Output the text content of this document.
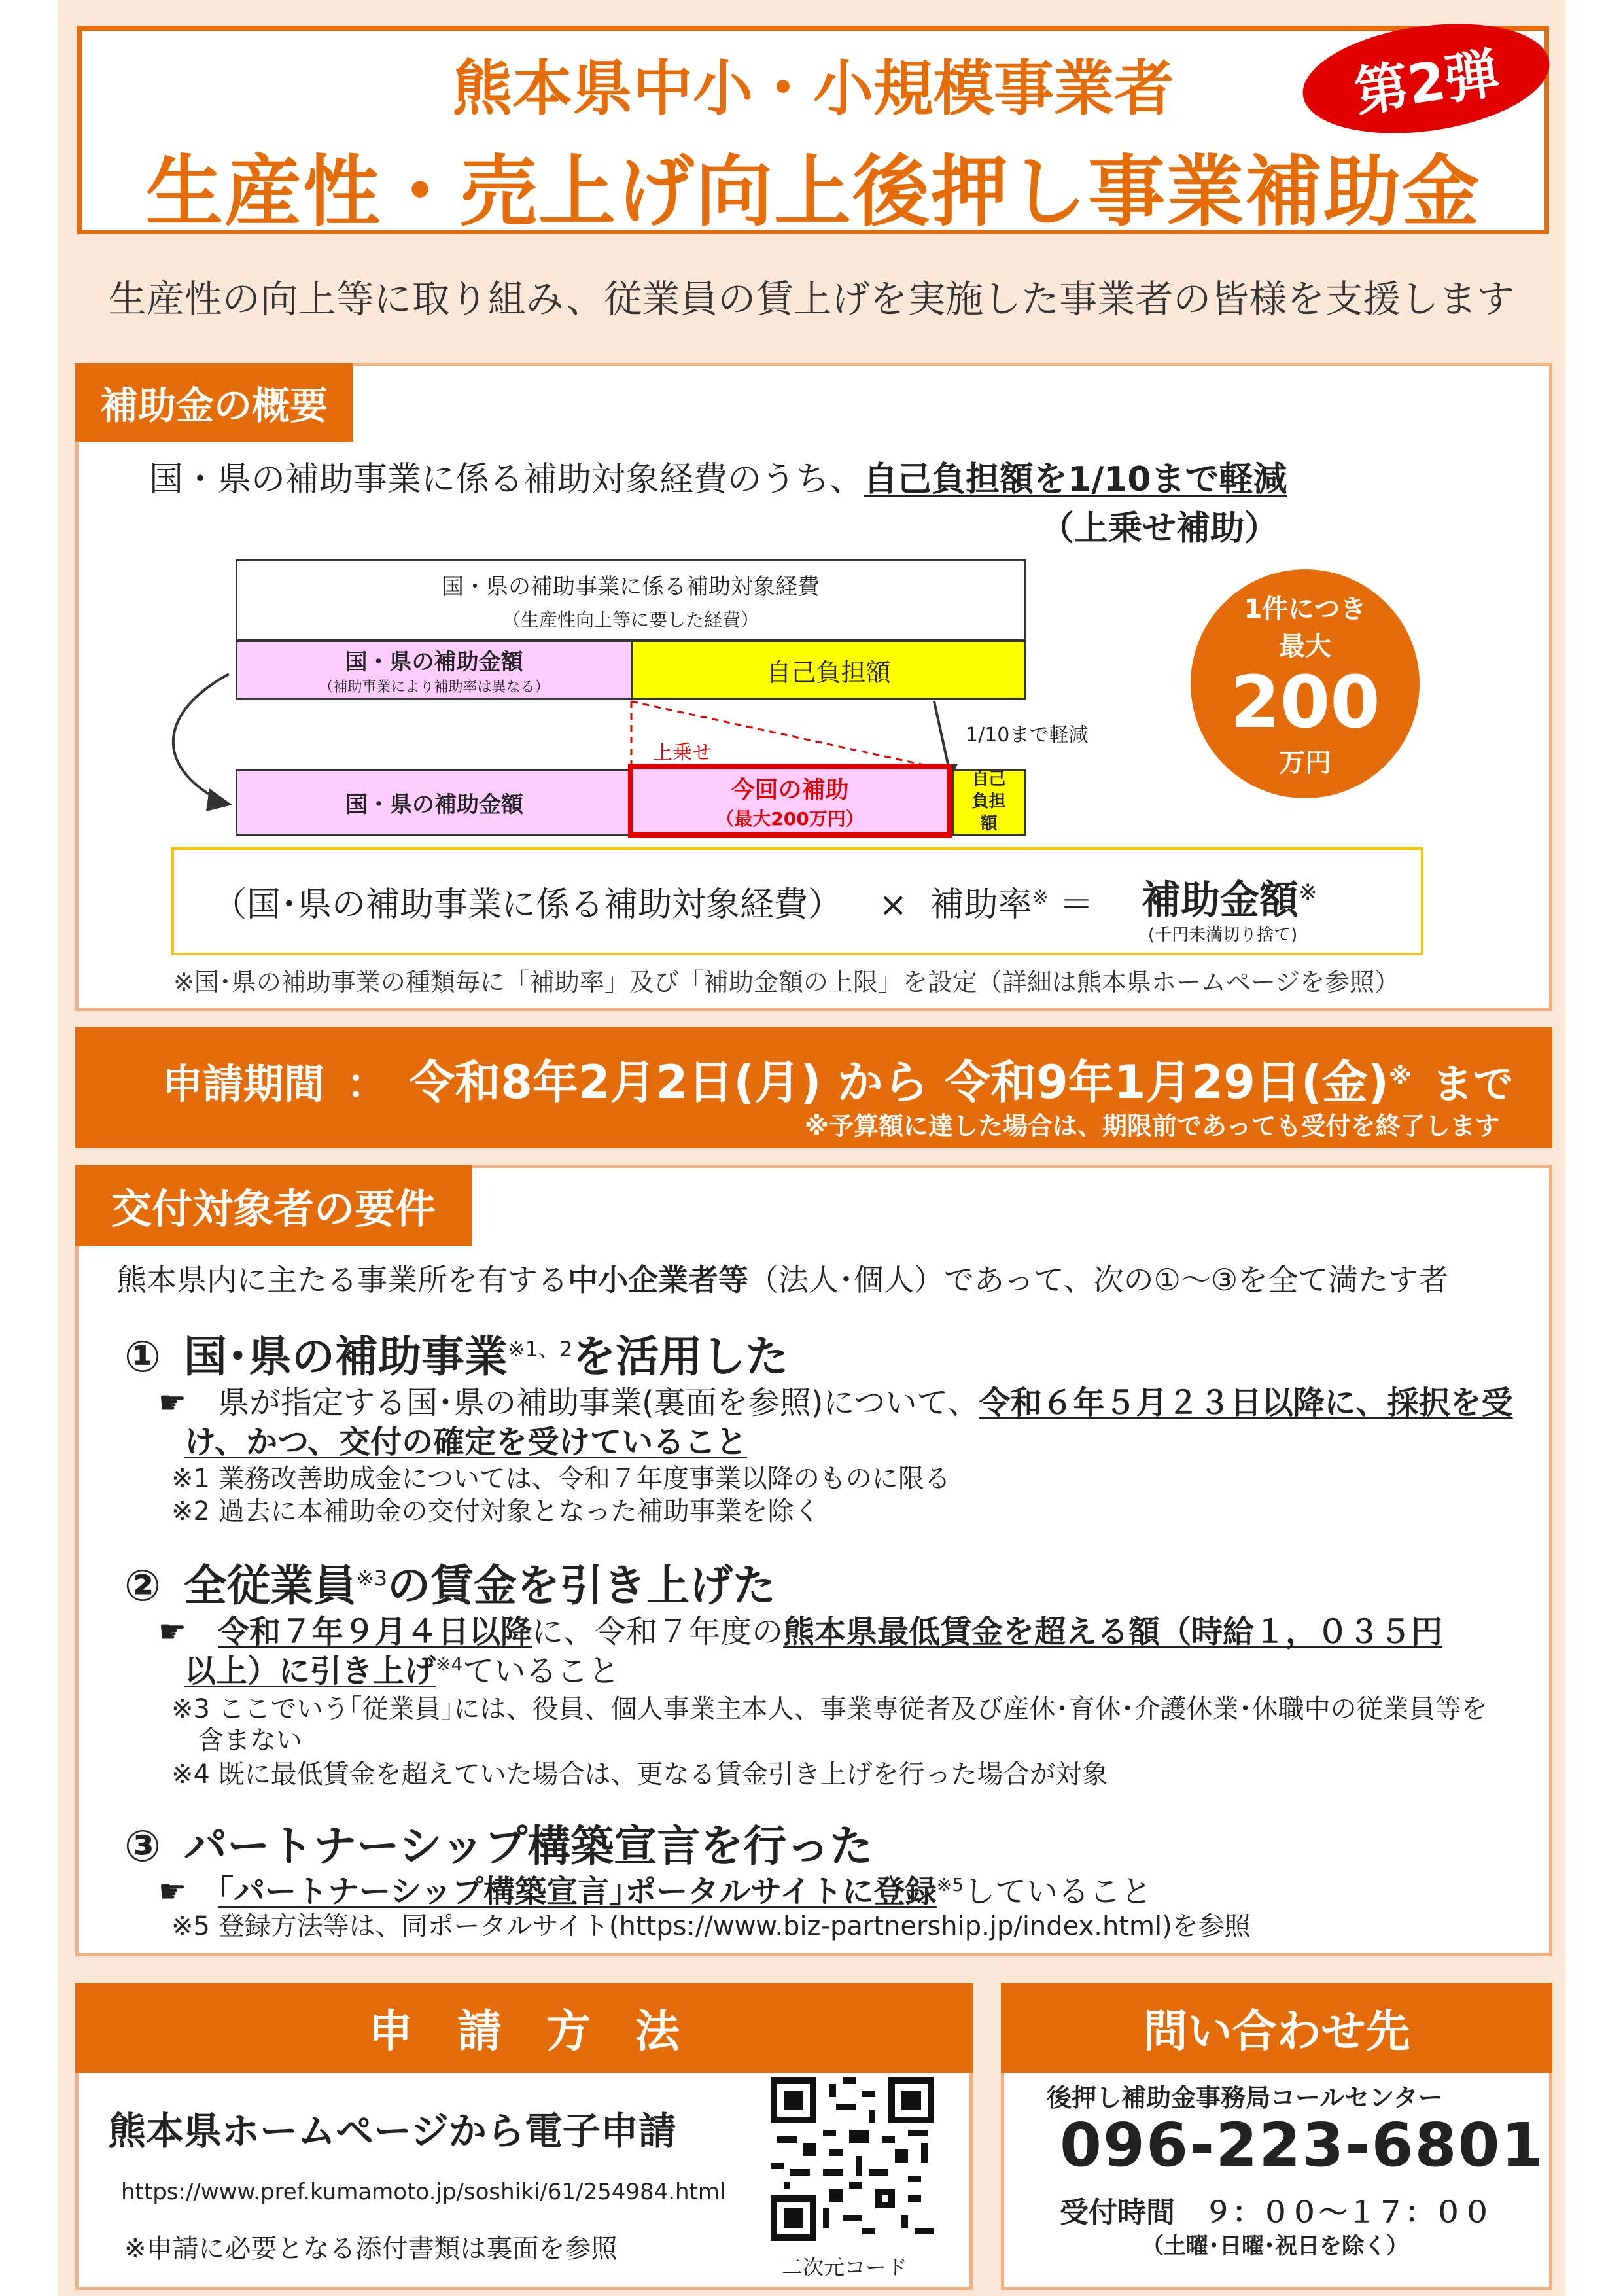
熊本県中小・小規模事業者
生産性・売上げ向上後押し事業補助金
第2弾
生産性の向上等に取り組み、従業員の賃上げを実施した事業者の皆様を支援します
補助金の概要
国・県の補助事業に係る補助対象経費のうち、自己負担額を1/10まで軽減
（上乗せ補助）
国・県の補助事業に係る補助対象経費
（生産性向上等に要した経費）
国・県の補助金額
（補助事業により補助率は異なる）
自己負担額
1/10まで軽減
上乗せ
国・県の補助金額
今回の補助
（最大200万円）
自己負担額
1件につき
最大
200
万円
（国･県の補助事業に係る補助対象経費） × 補助率※ ＝ 補助金額※
(千円未満切り捨て)
※国･県の補助事業の種類毎に「補助率」及び「補助金額の上限」を設定（詳細は熊本県ホームページを参照）
申請期間 ： 令和8年2月2日(月) から 令和9年1月29日(金)※ まで
※予算額に達した場合は、期限前であっても受付を終了します
交付対象者の要件
熊本県内に主たる事業所を有する中小企業者等（法人･個人）であって、次の①～③を全て満たす者
① 国･県の補助事業$^{※1、2}$を活用した
☛　県が指定する国･県の補助事業(裏面を参照)について、令和６年５月２３日以降に、採択を受
け、かつ、交付の確定を受けていること
※1 業務改善助成金については、令和７年度事業以降のものに限る
※2 過去に本補助金の交付対象となった補助事業を除く
② 全従業員$^{※3}$の賃金を引き上げた
☛　令和７年９月４日以降に、令和７年度の熊本県最低賃金を超える額（時給１，０３５円
以上）に引き上げ$^{※4}$ていること
※3 ここでいう｢従業員｣には、役員、個人事業主本人、事業専従者及び産休･育休･介護休業･休職中の従業員等を
含まない
※4 既に最低賃金を超えていた場合は、更なる賃金引き上げを行った場合が対象
③ パートナーシップ構築宣言を行った
☛　｢パートナーシップ構築宣言｣ポータルサイトに登録$^{※5}$していること
※5 登録方法等は、同ポータルサイト(https://www.biz-partnership.jp/index.html)を参照
申　請　方　法
熊本県ホームページから電子申請
https://www.pref.kumamoto.jp/soshiki/61/254984.html
※申請に必要となる添付書類は裏面を参照
二次元コード
問い合わせ先
後押し補助金事務局コールセンター
096-223-6801
受付時間　９：００～１７：００
（土曜･日曜･祝日を除く）
